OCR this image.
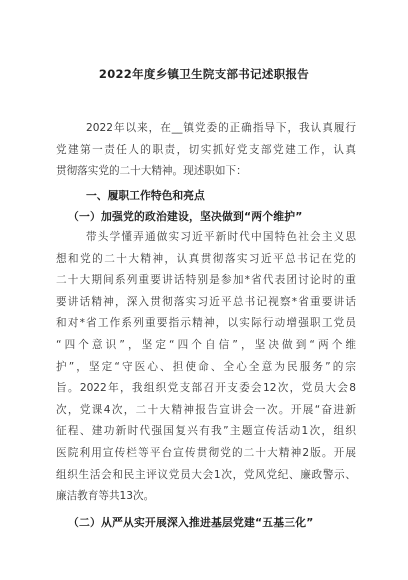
2022年度乡镇卫生院支部书记述职报告
2022年以来，在__镇党委的正确指导下，我认真履行
党建第一责任人的职责，切实抓好党支部党建工作，认真
贯彻落实党的二十大精神。现述职如下：
一、履职工作特色和亮点
（一）加强党的政治建设，坚决做到“两个维护”
带头学懂弄通做实习近平新时代中国特色社会主义思
想和党的二十大精神，认真贯彻落实习近平总书记在党的
二十大期间系列重要讲话特别是参加*省代表团讨论时的重
要讲话精神，深入贯彻落实习近平总书记视察*省重要讲话
和对*省工作系列重要指示精神，以实际行动增强职工党员
“四个意识”，坚定“四个自信”，坚决做到“两个维
护”，坚定“守医心、担使命、全心全意为民服务”的宗
旨。2022年，我组织党支部召开支委会12次，党员大会8
次，党课4次，二十大精神报告宣讲会一次。开展“奋进新
征程、建功新时代强国复兴有我”主题宣传活动1次，组织
医院利用宣传栏等平台宣传贯彻党的二十大精神2版。开展
组织生活会和民主评议党员大会1次，党风党纪、廉政警示、
廉洁教育等共13次。
（二）从严从实开展深入推进基层党建“五基三化”
